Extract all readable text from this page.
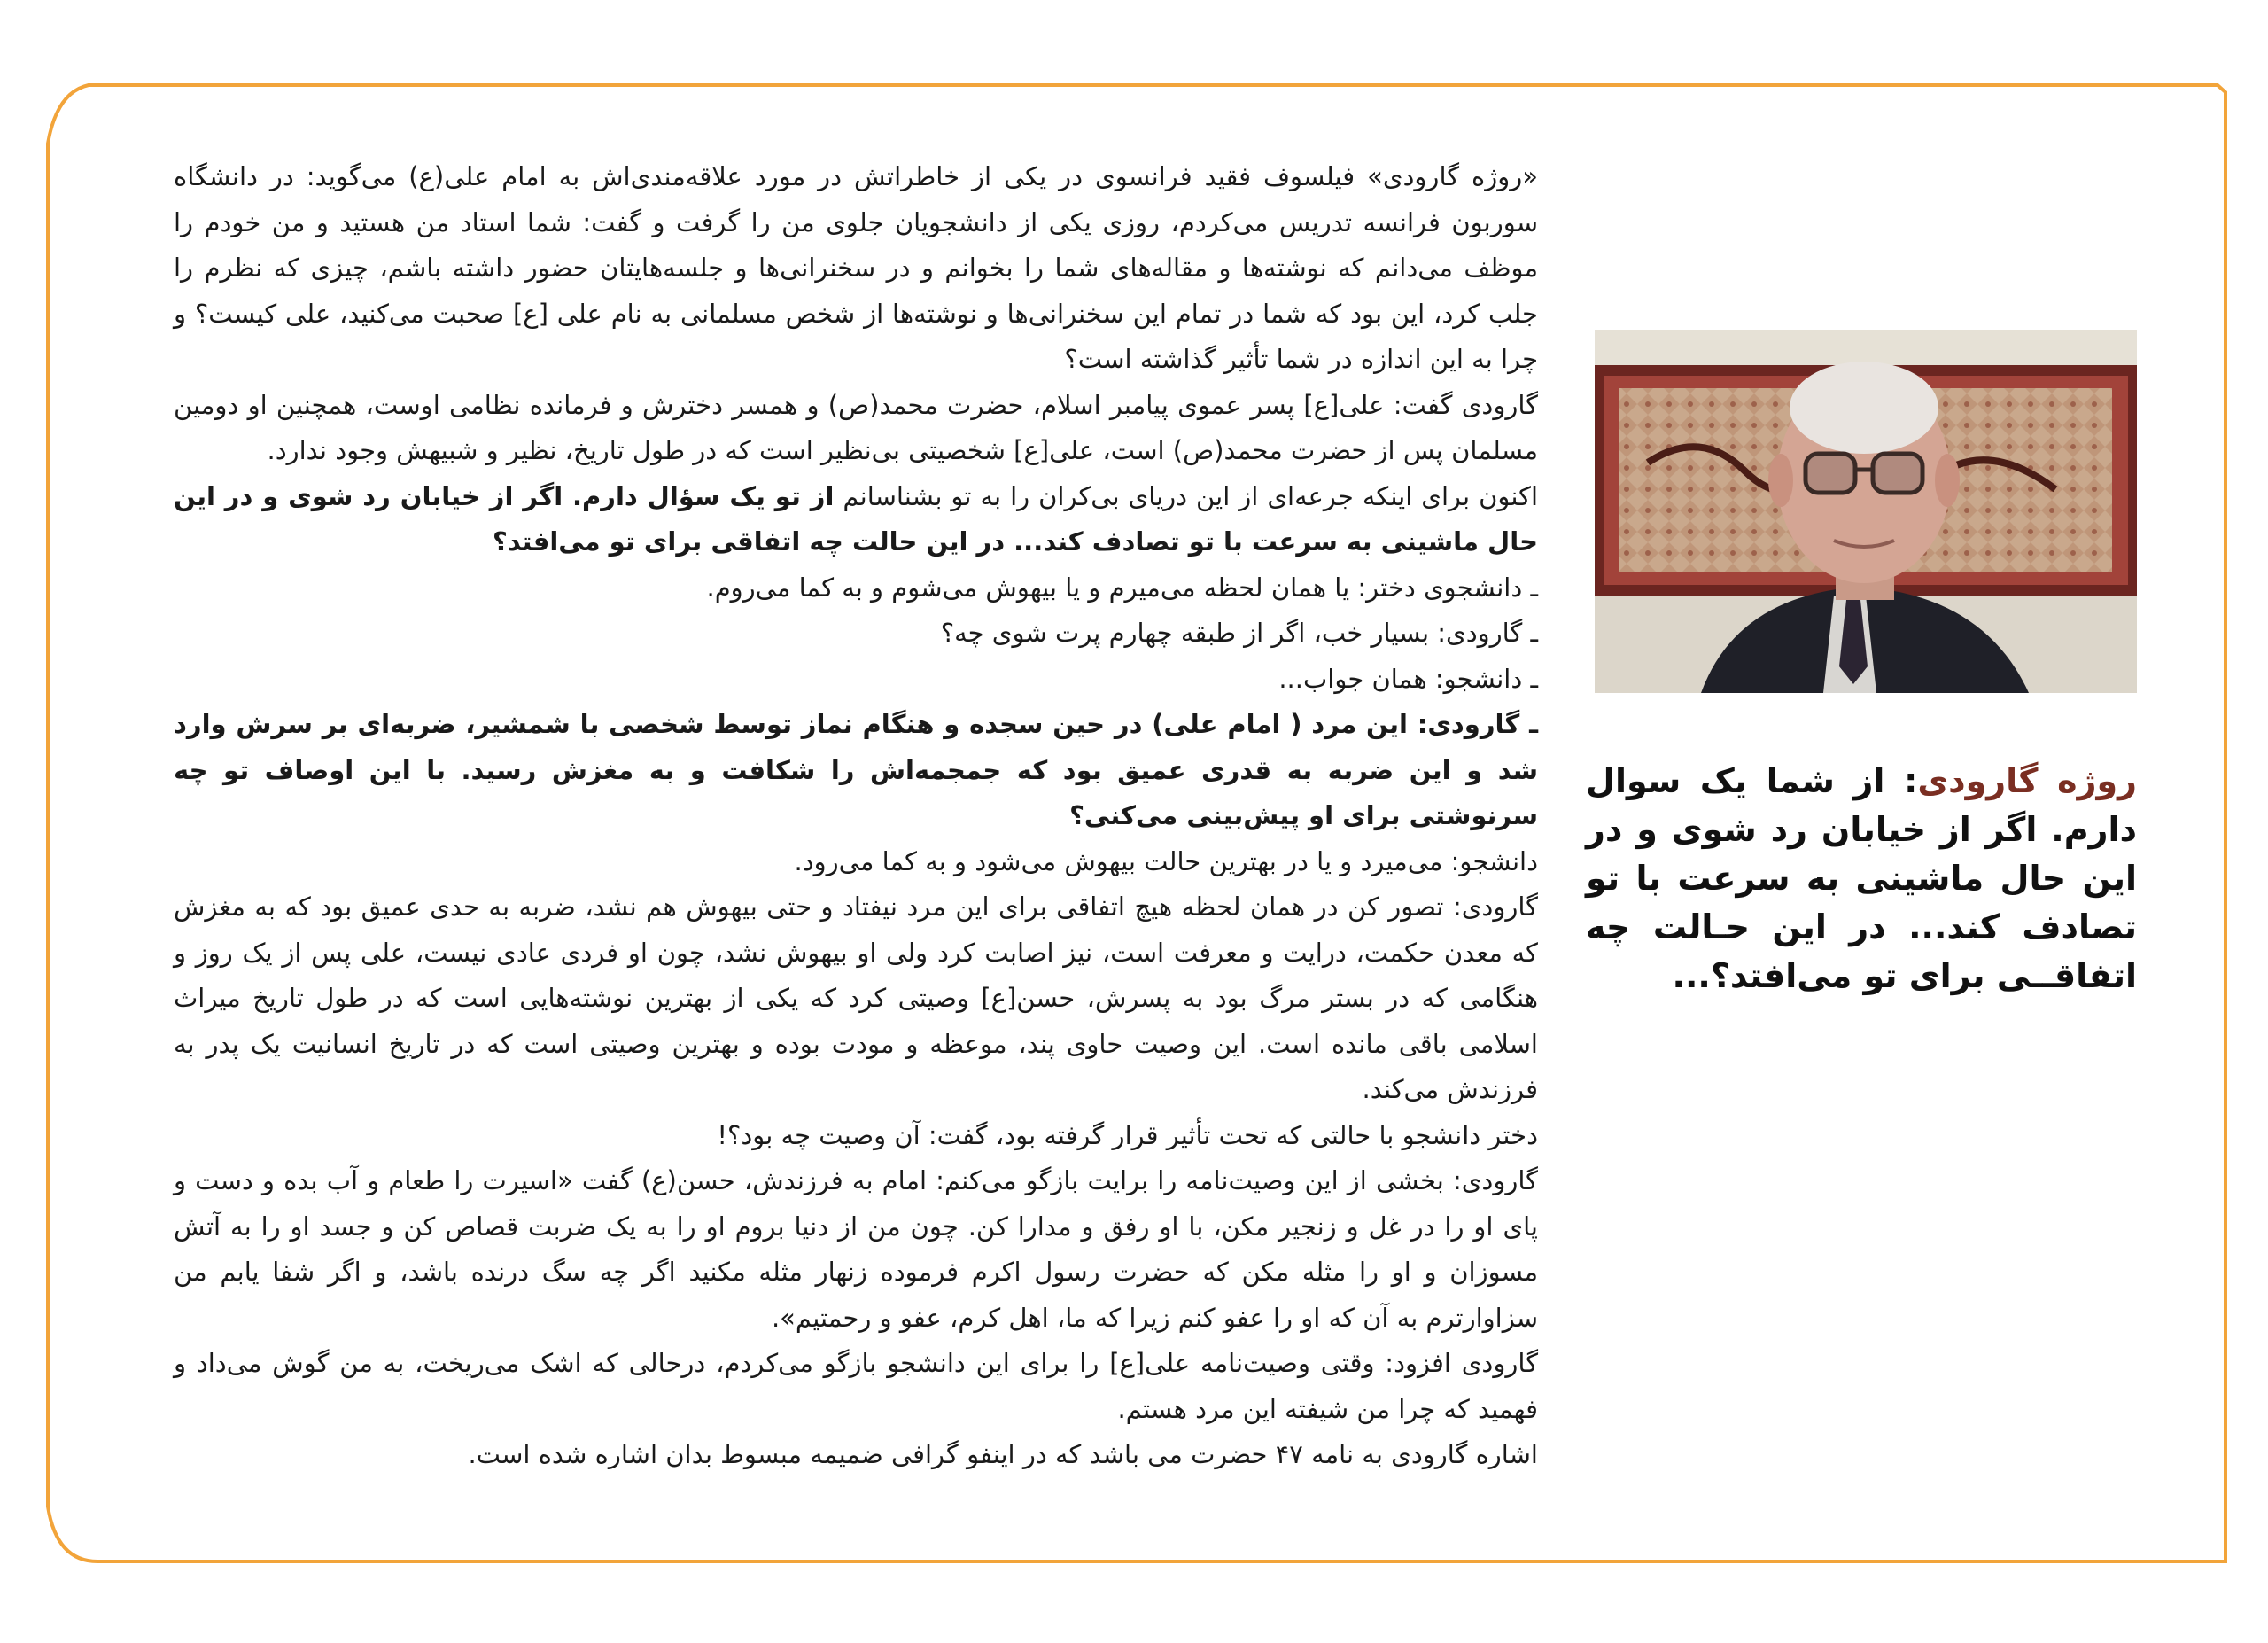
«روژه گارودی» فیلسوف فقید فرانسوی در یکی از خاطراتش در مورد علاقه‌مندی‌اش به امام علی(ع) می‌گوید: در دانشگاه سوربون فرانسه تدریس می‌کردم، روزی یکی از دانشجویان جلوی من را گرفت و گفت: شما استاد من هستید و من خودم را موظف می‌دانم که نوشته‌ها و مقاله‌های شما را بخوانم و در سخنرانی‌ها و جلسه‌هایتان حضور داشته باشم، چیزی که نظرم را جلب کرد، این بود که شما در تمام این سخنرانی‌ها و نوشته‌ها از شخص مسلمانی به نام علی [ع] صحبت می‌کنید، علی کیست؟ و چرا به این اندازه در شما تأثیر گذاشته است؟

گارودی گفت: علی[ع] پسر عموی پیامبر اسلام، حضرت محمد(ص) و همسر دخترش و فرمانده نظامی اوست، همچنین او دومین مسلمان پس از حضرت محمد(ص) است، علی[ع] شخصیتی بی‌نظیر است که در طول تاریخ، نظیر و شبیهش وجود ندارد.

اکنون برای اینکه جرعه‌ای از این دریای بی‌کران را به تو بشناسانم از تو یک سؤال دارم. اگر از خیابان رد شوی و در این حال ماشینی به سرعت با تو تصادف کند... در این حالت چه اتفاقی برای تو می‌افتد؟

ـ دانشجوی دختر: یا همان لحظه می‌میرم و یا بیهوش می‌شوم و به کما می‌روم.

ـ گارودی: بسیار خب، اگر از طبقه چهارم پرت شوی چه؟

ـ دانشجو: همان جواب...

ـ گارودی: این مرد ( امام علی) در حین سجده و هنگام نماز توسط شخصی با شمشیر، ضربه‌ای بر سرش وارد شد و این ضربه به قدری عمیق بود که جمجمه‌اش را شکافت و به مغزش رسید. با این اوصاف تو چه سرنوشتی برای او پیش‌بینی می‌کنی؟

دانشجو: می‌میرد و یا در بهترین حالت بیهوش می‌شود و به کما می‌رود.

گارودی: تصور کن در همان لحظه هیچ اتفاقی برای این مرد نیفتاد و حتی بیهوش هم نشد، ضربه به حدی عمیق بود که به مغزش که معدن حکمت، درایت و معرفت است، نیز اصابت کرد ولی او بیهوش نشد، چون او فردی عادی نیست، علی پس از یک روز و هنگامی که در بستر مرگ بود به پسرش، حسن[ع] وصیتی کرد که یکی از بهترین نوشته‌هایی است که در طول تاریخ میراث اسلامی باقی مانده است. این وصیت حاوی پند، موعظه و مودت بوده و بهترین وصیتی است که در تاریخ انسانیت یک پدر به فرزندش می‌کند.

دختر دانشجو با حالتی که تحت تأثیر قرار گرفته بود، گفت: آن وصیت چه بود؟!

گارودی: بخشی از این وصیت‌نامه را برایت بازگو می‌کنم: امام به فرزندش، حسن(ع) گفت «اسیرت را طعام و آب بده و دست و پای او را در غل و زنجیر مکن، با او رفق و مدارا کن. چون من از دنیا بروم او را به یک ضربت قصاص کن و جسد او را به آتش مسوزان و او را مثله مکن که حضرت رسول اکرم فرموده زنهار مثله مکنید اگر چه سگ درنده باشد، و اگر شفا یابم من سزاوارترم به آن که او را عفو کنم زیرا که ما، اهل کرم، عفو و رحمتیم».

گارودی افزود: وقتی وصیت‌نامه علی[ع] را برای این دانشجو بازگو می‌کردم، درحالی که اشک می‌ریخت، به من گوش می‌داد و فهمید که چرا من شیفته این مرد هستم.

اشاره گارودی به نامه ۴۷ حضرت می باشد که در اینفو گرافی ضمیمه مبسوط بدان اشاره شده است.

روژه گارودی: از شما یک سوال دارم. اگر از خیابان رد شوی و در این حال ماشینی به سرعت با تو تصادف کند... در این حـالت چه اتفاقــی برای تو می‌افتد؟...
